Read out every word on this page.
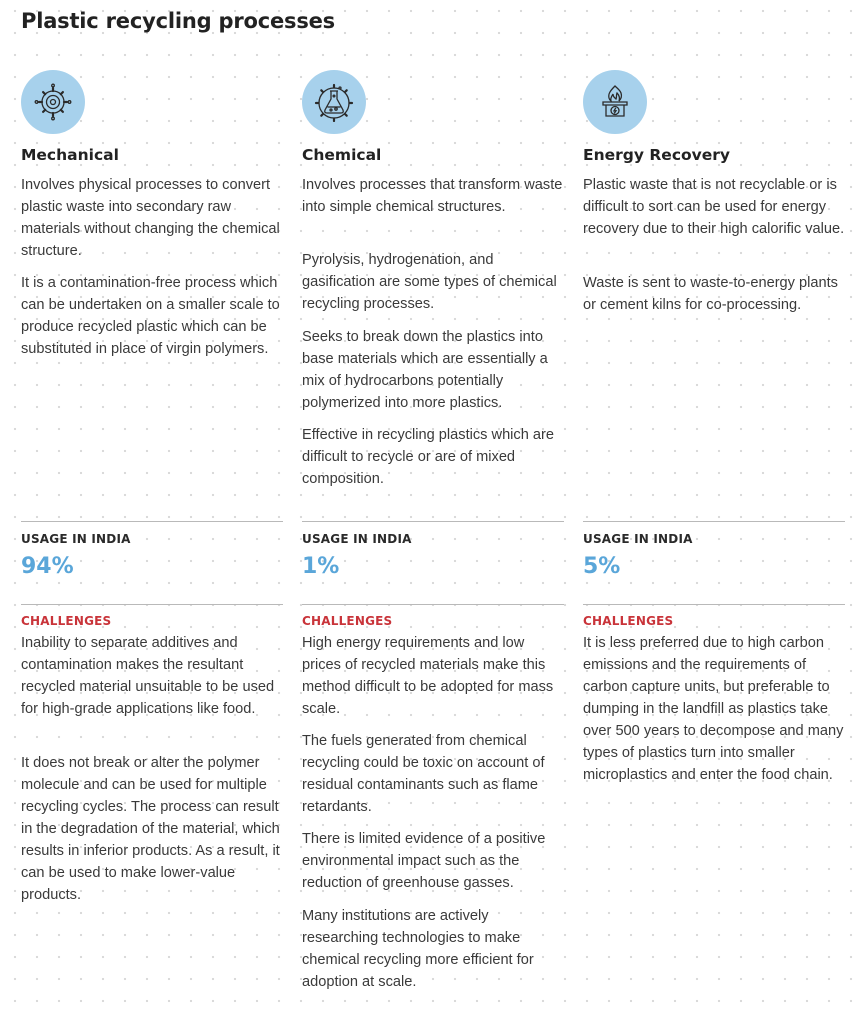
Plastic recycling processes
Mechanical

Involves physical processes to convert plastic waste into secondary raw materials without changing the chemical structure.

It is a contamination-free process which can be undertaken on a smaller scale to produce recycled plastic which can be substituted in place of virgin polymers.

USAGE IN INDIA
94%
CHALLENGES

Inability to separate additives and contamination makes the resultant recycled material unsuitable to be used for high-grade applications like food.

It does not break or alter the polymer molecule and can be used for multiple recycling cycles. The process can result in the degradation of the material, which results in inferior products. As a result, it can be used to make lower-value products.

Chemical

Involves processes that transform waste into simple chemical structures.

Pyrolysis, hydrogenation, and gasification are some types of chemical recycling processes.

Seeks to break down the plastics into base materials which are essentially a mix of hydrocarbons potentially polymerized into more plastics.

Effective in recycling plastics which are difficult to recycle or are of mixed composition.

USAGE IN INDIA
1%
CHALLENGES

High energy requirements and low prices of recycled materials make this method difficult to be adopted for mass scale.

The fuels generated from chemical recycling could be toxic on account of residual contaminants such as flame retardants.

There is limited evidence of a positive environmental impact such as the reduction of greenhouse gasses.

Many institutions are actively researching technologies to make chemical recycling more efficient for adoption at scale.

Energy Recovery

Plastic waste that is not recyclable or is difficult to sort can be used for energy recovery due to their high calorific value.

Waste is sent to waste-to-energy plants or cement kilns for co-processing.

USAGE IN INDIA
5%
CHALLENGES

It is less preferred due to high carbon emissions and the requirements of carbon capture units, but preferable to dumping in the landfill as plastics take over 500 years to decompose and many types of plastics turn into smaller microplastics and enter the food chain.
